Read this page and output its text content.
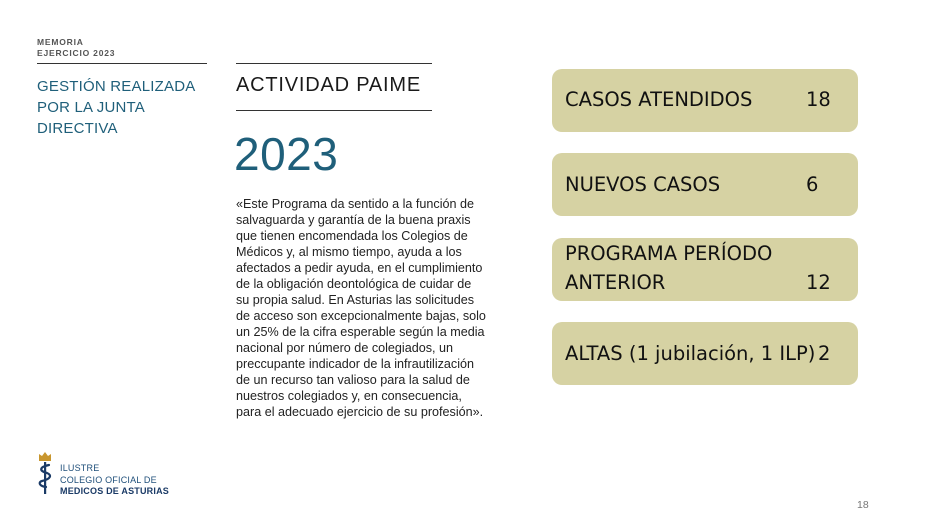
MEMORIA
EJERCICIO 2023
GESTIÓN REALIZADA
POR LA JUNTA
DIRECTIVA
ACTIVIDAD PAIME
2023
«Este Programa da sentido a la función de
salvaguarda y garantía de la buena praxis
que tienen encomendada los Colegios de
Médicos y, al mismo tiempo, ayuda a los
afectados a pedir ayuda, en el cumplimiento
de la obligación deontológica de cuidar de
su propia salud. En Asturias las solicitudes
de acceso son excepcionalmente bajas, solo
un 25% de la cifra esperable según la media
nacional por número de colegiados, un
preccupante indicador de la infrautilización
de un recurso tan valioso para la salud de
nuestros colegiados y, en consecuencia,
para el adecuado ejercicio de su profesión».
CASOS ATENDIDOS	18
NUEVOS CASOS	6
PROGRAMA PERÍODO
ANTERIOR	12
ALTAS (1 jubilación, 1 ILP) 2
ILUSTRE
COLEGIO OFICIAL DE
MEDICOS DE ASTURIAS
18
